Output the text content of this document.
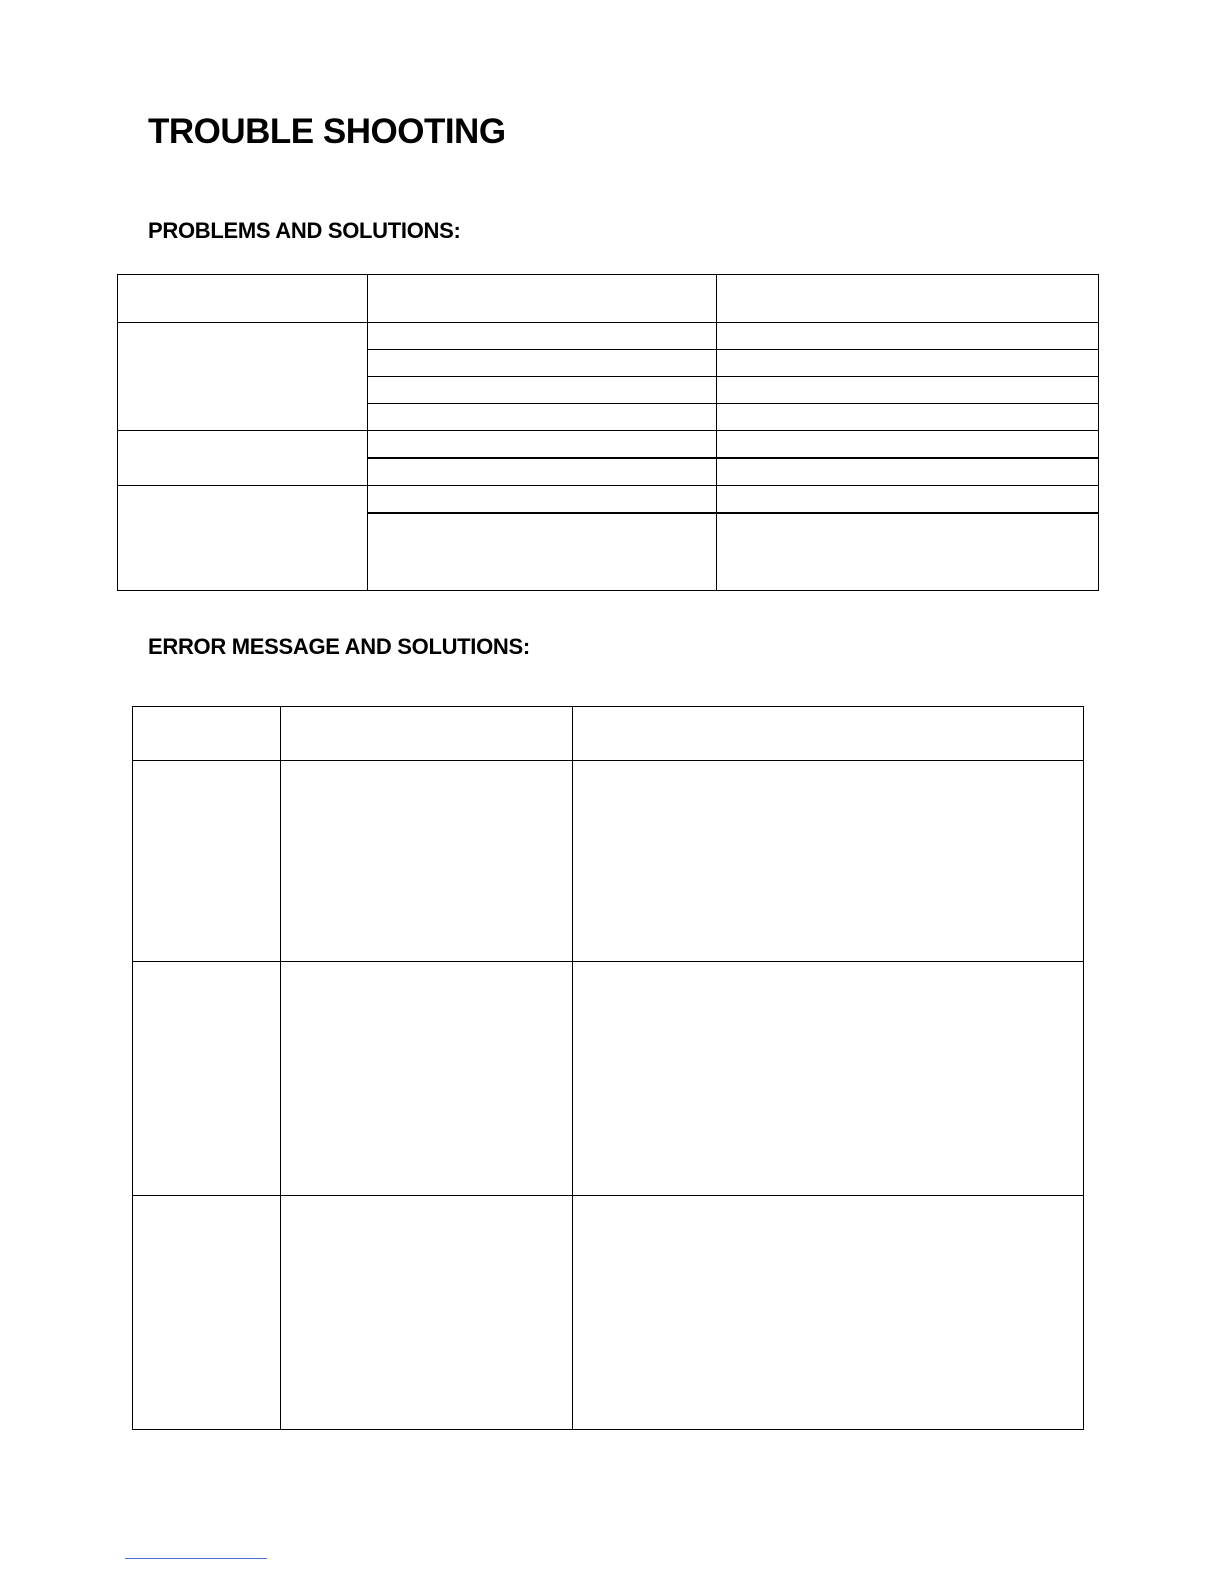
TROUBLE SHOOTING
PROBLEMS AND SOLUTIONS:

ERROR MESSAGE AND SOLUTIONS:
